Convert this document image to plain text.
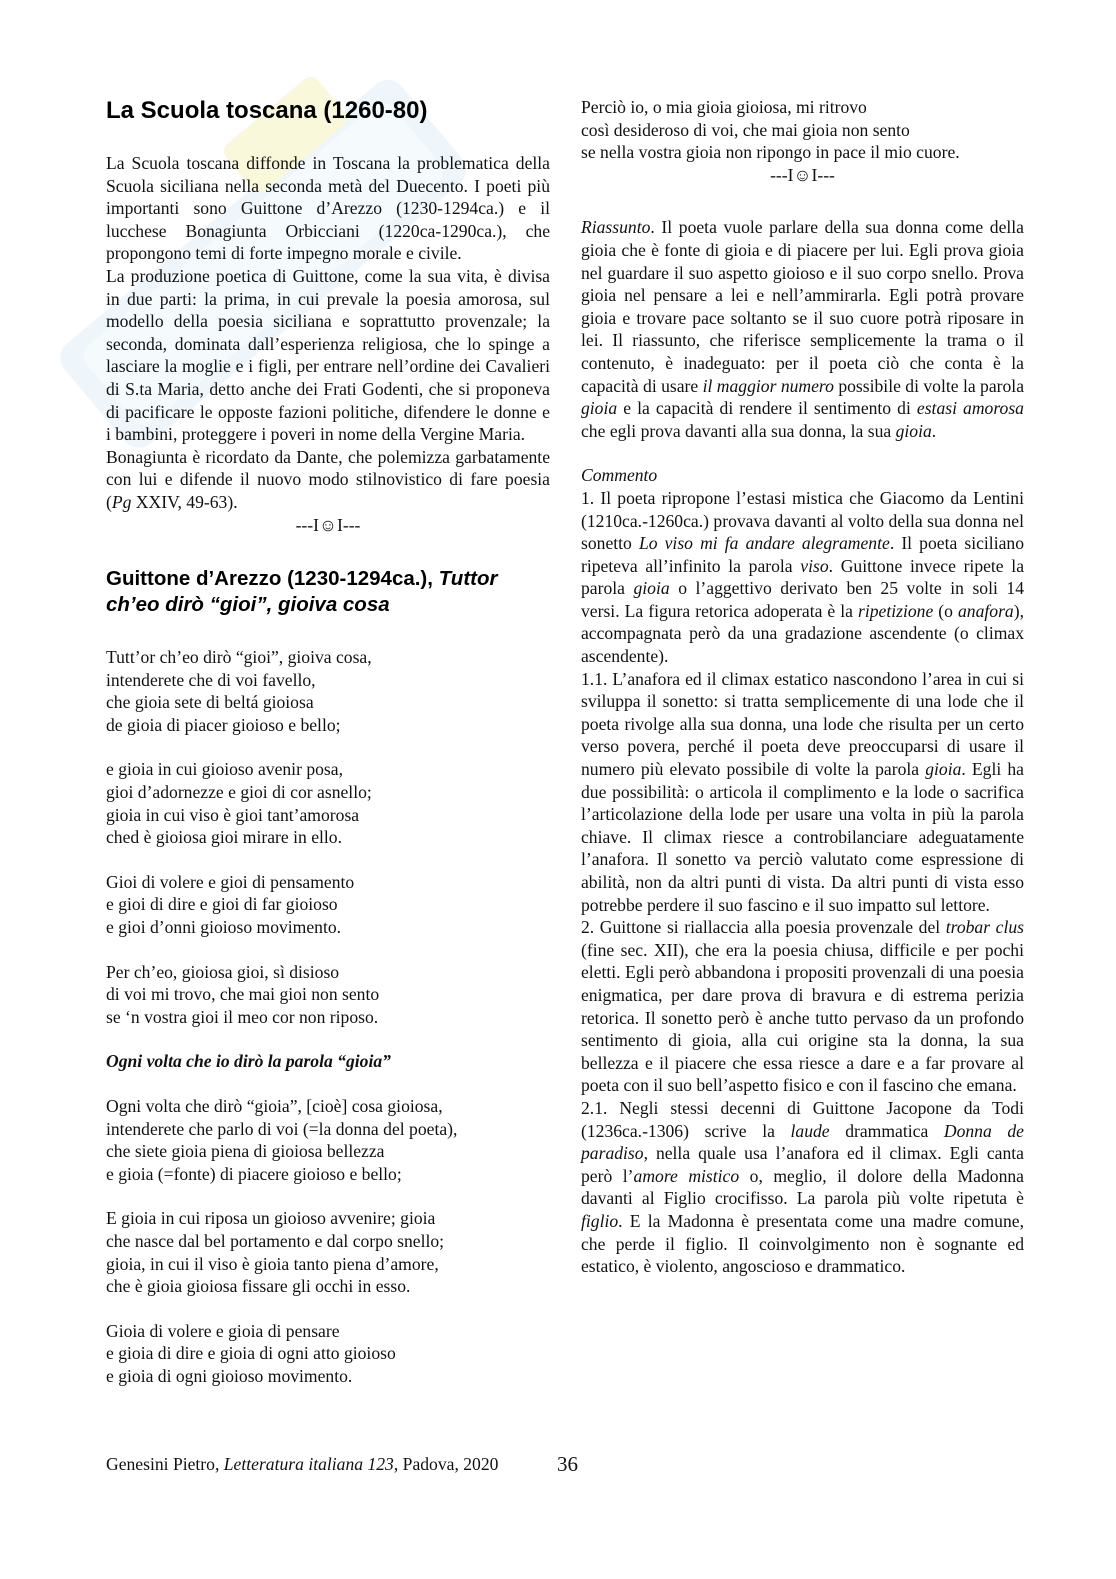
La Scuola toscana (1260-80)

La Scuola toscana diffonde in Toscana la problematica della Scuola siciliana nella seconda metà del Duecento. I poeti più importanti sono Guittone d’Arezzo (1230-1294ca.) e il lucchese Bonagiunta Orbicciani (1220ca-1290ca.), che propongono temi di forte impegno morale e civile.

La produzione poetica di Guittone, come la sua vita, è divisa in due parti: la prima, in cui prevale la poesia amorosa, sul modello della poesia siciliana e soprattutto provenzale; la seconda, dominata dall’esperienza religiosa, che lo spinge a lasciare la moglie e i figli, per entrare nell’ordine dei Cavalieri di S.ta Maria, detto anche dei Frati Godenti, che si proponeva di pacificare le opposte fazioni politiche, difendere le donne e i bambini, proteggere i poveri in nome della Vergine Maria.

Bonagiunta è ricordato da Dante, che polemizza garbatamente con lui e difende il nuovo modo stilnovistico di fare poesia (Pg XXIV, 49-63).

---I☺I---

Guittone d’Arezzo (1230-1294ca.), Tuttor ch’eo dirò “gioi”, gioiva cosa
Tutt’or ch’eo dirò “gioi”, gioiva cosa,
intenderete che di voi favello,
che gioia sete di beltá gioiosa
de gioia di piacer gioioso e bello;
e gioia in cui gioioso avenir posa,
gioi d’adornezze e gioi di cor asnello;
gioia in cui viso è gioi tant’amorosa
ched è gioiosa gioi mirare in ello.
Gioi di volere e gioi di pensamento
e gioi di dire e gioi di far gioioso
e gioi d’onni gioioso movimento.
Per ch’eo, gioiosa gioi, sì disioso
di voi mi trovo, che mai gioi non sento
se ‘n vostra gioi il meo cor non riposo.

Ogni volta che io dirò la parola “gioia”

Ogni volta che dirò “gioia”, [cioè] cosa gioiosa,
intenderete che parlo di voi (=la donna del poeta),
che siete gioia piena di gioiosa bellezza
e gioia (=fonte) di piacere gioioso e bello;
E gioia in cui riposa un gioioso avvenire; gioia
che nasce dal bel portamento e dal corpo snello;
gioia, in cui il viso è gioia tanto piena d’amore,
che è gioia gioiosa fissare gli occhi in esso.
Gioia di volere e gioia di pensare
e gioia di dire e gioia di ogni atto gioioso
e gioia di ogni gioioso movimento.
Perciò io, o mia gioia gioiosa, mi ritrovo
così desideroso di voi, che mai gioia non sento
se nella vostra gioia non ripongo in pace il mio cuore.

---I☺I---

Riassunto. Il poeta vuole parlare della sua donna come della gioia che è fonte di gioia e di piacere per lui. Egli prova gioia nel guardare il suo aspetto gioioso e il suo corpo snello. Prova gioia nel pensare a lei e nell’ammirarla. Egli potrà provare gioia e trovare pace soltanto se il suo cuore potrà riposare in lei. Il riassunto, che riferisce semplicemente la trama o il contenuto, è inadeguato: per il poeta ciò che conta è la capacità di usare il maggior numero possibile di volte la parola gioia e la capacità di rendere il sentimento di estasi amorosa che egli prova davanti alla sua donna, la sua gioia.

Commento

1. Il poeta ripropone l’estasi mistica che Giacomo da Lentini (1210ca.-1260ca.) provava davanti al volto della sua donna nel sonetto Lo viso mi fa andare alegramente. Il poeta siciliano ripeteva all’infinito la parola viso. Guittone invece ripete la parola gioia o l’aggettivo derivato ben 25 volte in soli 14 versi. La figura retorica adoperata è la ripetizione (o anafora), accompagnata però da una gradazione ascendente (o climax ascendente).

1.1. L’anafora ed il climax estatico nascondono l’area in cui si sviluppa il sonetto: si tratta semplicemente di una lode che il poeta rivolge alla sua donna, una lode che risulta per un certo verso povera, perché il poeta deve preoccuparsi di usare il numero più elevato possibile di volte la parola gioia. Egli ha due possibilità: o articola il complimento e la lode o sacrifica l’articolazione della lode per usare una volta in più la parola chiave. Il climax riesce a controbilanciare adeguatamente l’anafora. Il sonetto va perciò valutato come espressione di abilità, non da altri punti di vista. Da altri punti di vista esso potrebbe perdere il suo fascino e il suo impatto sul lettore.

2. Guittone si riallaccia alla poesia provenzale del trobar clus (fine sec. XII), che era la poesia chiusa, difficile e per pochi eletti. Egli però abbandona i propositi provenzali di una poesia enigmatica, per dare prova di bravura e di estrema perizia retorica. Il sonetto però è anche tutto pervaso da un profondo sentimento di gioia, alla cui origine sta la donna, la sua bellezza e il piacere che essa riesce a dare e a far provare al poeta con il suo bell’aspetto fisico e con il fascino che emana.

2.1. Negli stessi decenni di Guittone Jacopone da Todi (1236ca.-1306) scrive la laude drammatica Donna de paradiso, nella quale usa l’anafora ed il climax. Egli canta però l’amore mistico o, meglio, il dolore della Madonna davanti al Figlio crocifisso. La parola più volte ripetuta è figlio. E la Madonna è presentata come una madre comune, che perde il figlio. Il coinvolgimento non è sognante ed estatico, è violento, angoscioso e drammatico.

Genesini Pietro, Letteratura italiana 123, Padova, 2020	36
